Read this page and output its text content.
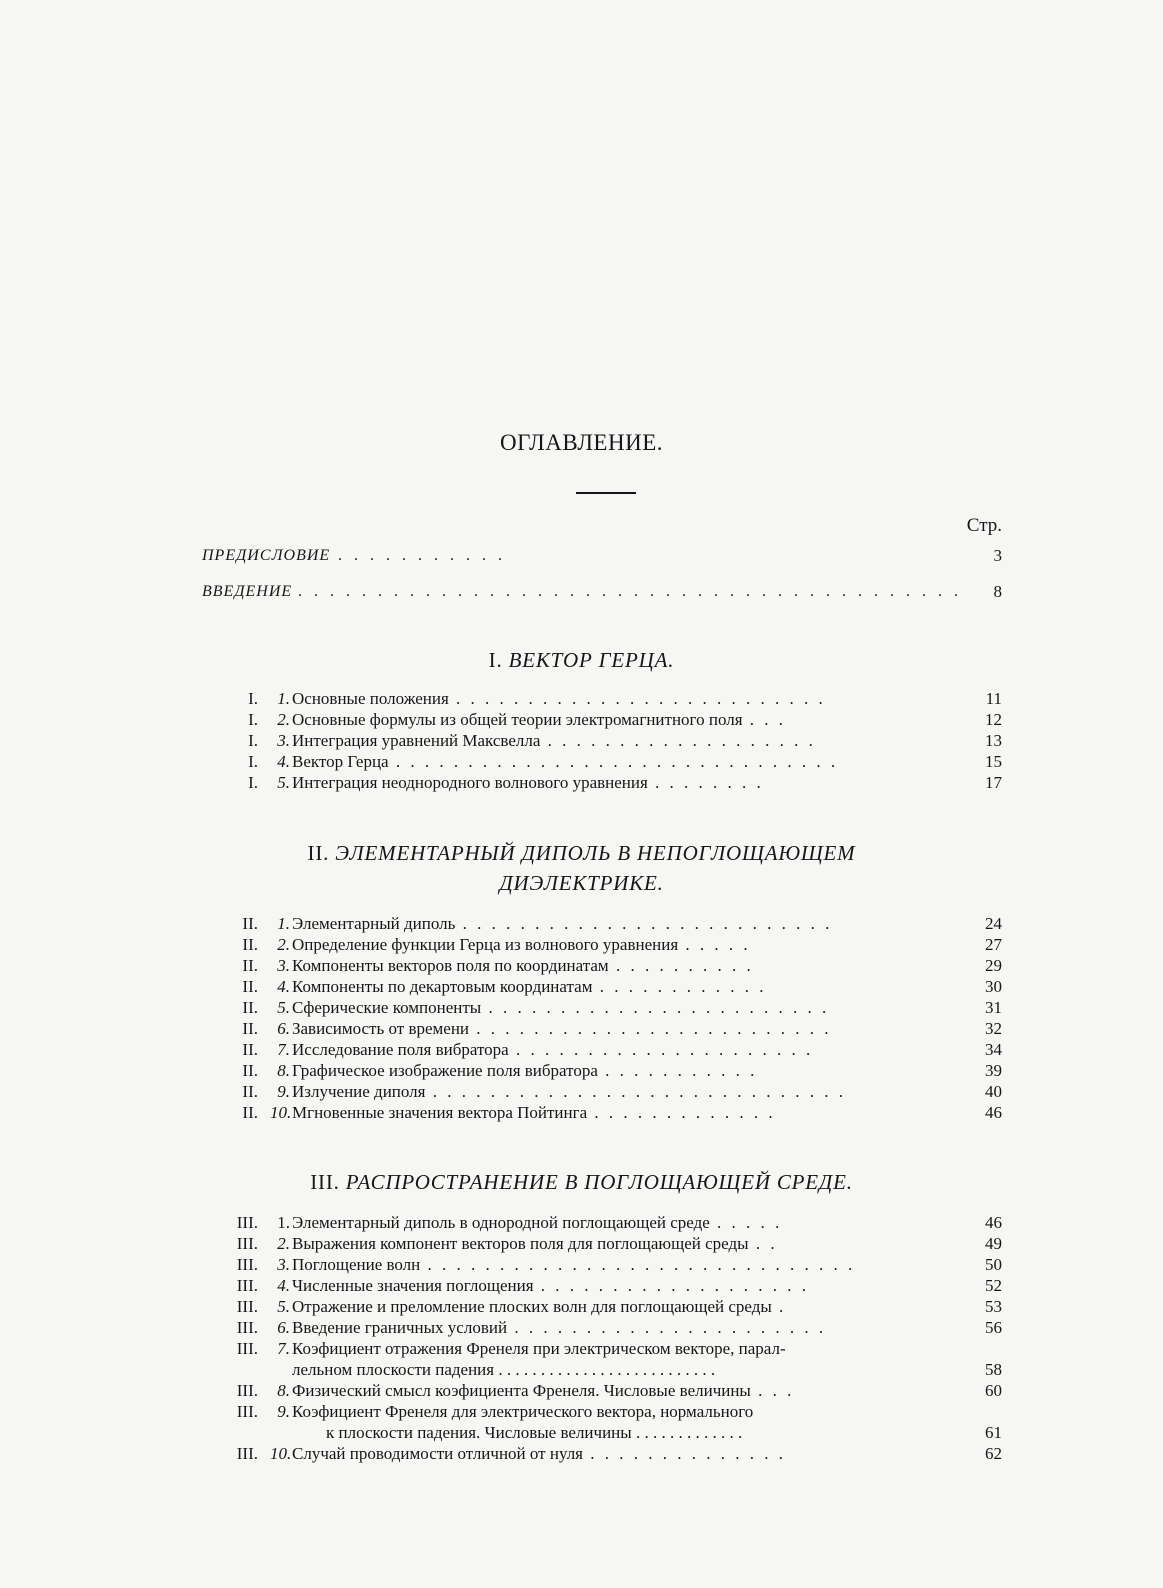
ОГЛАВЛЕНИЕ.
Стр.
ПРЕДИСЛОВИЕ . . . . . . . . . . .	3
ВВЕДЕНИЕ . . . . . . . . . . . . . . . . . . . . . . . . . . . . . . . . . . . . . . . . . . 8
I. ВЕКТОР ГЕРЦА.
I.	1. Основные положения . . . . . . . . . . . . . . . . . . . . . . . . . .	11
I.	2. Основные формулы из общей теории электромагнитного поля . . .	12
I.	3. Интеграция уравнений Максвелла . . . . . . . . . . . . . . . . . . .	13
I.	4. Вектор Герца . . . . . . . . . . . . . . . . . . . . . . . . . . . . . . .	15
I.	5. Интеграция неоднородного волнового уравнения . . . . . . . .	17
II. ЭЛЕМЕНТАРНЫЙ ДИПОЛЬ В НЕПОГЛОЩАЮЩЕМ
ДИЭЛЕКТРИКЕ.
II.	1. Элементарный диполь . . . . . . . . . . . . . . . . . . . . . . . . . .	24
II.	2. Определение функции Герца из волнового уравнения . . . . .	27
II.	3. Компоненты векторов поля по координатам . . . . . . . . . .	29
II.	4. Компоненты по декартовым координатам . . . . . . . . . . . .	30
II.	5. Сферические компоненты . . . . . . . . . . . . . . . . . . . . . . . .	31
II.	6. Зависимость от времени . . . . . . . . . . . . . . . . . . . . . . . . .	32
II.	7. Исследование поля вибратора . . . . . . . . . . . . . . . . . . . . .	34
II.	8. Графическое изображение поля вибратора . . . . . . . . . . .	39
II.	9. Излучение диполя . . . . . . . . . . . . . . . . . . . . . . . . . . . . .	40
II. 10. Мгновенные значения вектора Пойтинга . . . . . . . . . . . . .	46
III. РАСПРОСТРАНЕНИЕ В ПОГЛОЩАЮЩЕЙ СРЕДЕ.
III.	1. Элементарный диполь в однородной поглощающей среде . . . . .	46
III.	2. Выражения компонент векторов поля для поглощающей среды . .	49
III.	3. Поглощение волн . . . . . . . . . . . . . . . . . . . . . . . . . . . . . .	50
III.	4. Численные значения поглощения . . . . . . . . . . . . . . . . . . .	52
III.	5. Отражение и преломление плоских волн для поглощающей среды .	53
III.	6. Введение граничных условий . . . . . . . . . . . . . . . . . . . . . .	56
III.	7. Коэфициент отражения Френеля при электрическом векторе, парал-
лельном плоскости падения . . . . . . . . . . . . . . . . . . . . . . . . . .	58
III.	8. Физический смысл коэфициента Френеля. Числовые величины . . .	60
III.	9. Коэфициент Френеля для электрического вектора, нормального
к плоскости падения. Числовые величины . . . . . . . . . . . . .	61
III. 10. Случай проводимости отличной от нуля . . . . . . . . . . . . . .	62
